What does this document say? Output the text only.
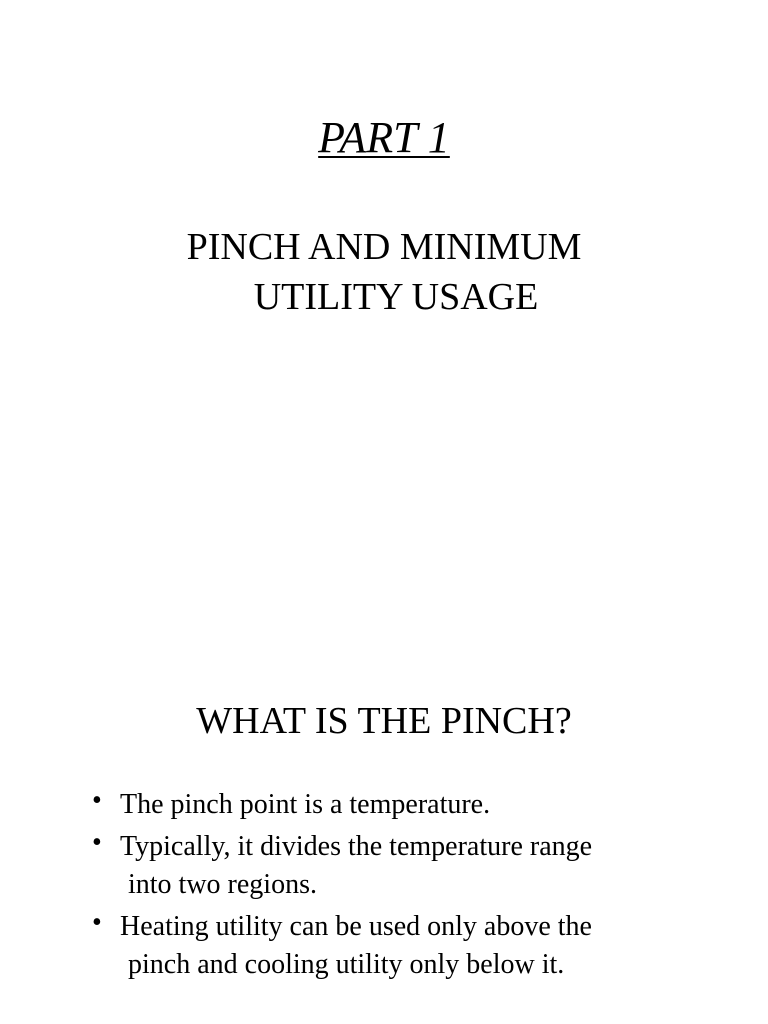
PART 1
PINCH AND MINIMUM
UTILITY USAGE
WHAT IS THE PINCH?
• The pinch point is a temperature.
• Typically, it divides the temperature range
into two regions.
• Heating utility can be used only above the
pinch and cooling utility only below it.
